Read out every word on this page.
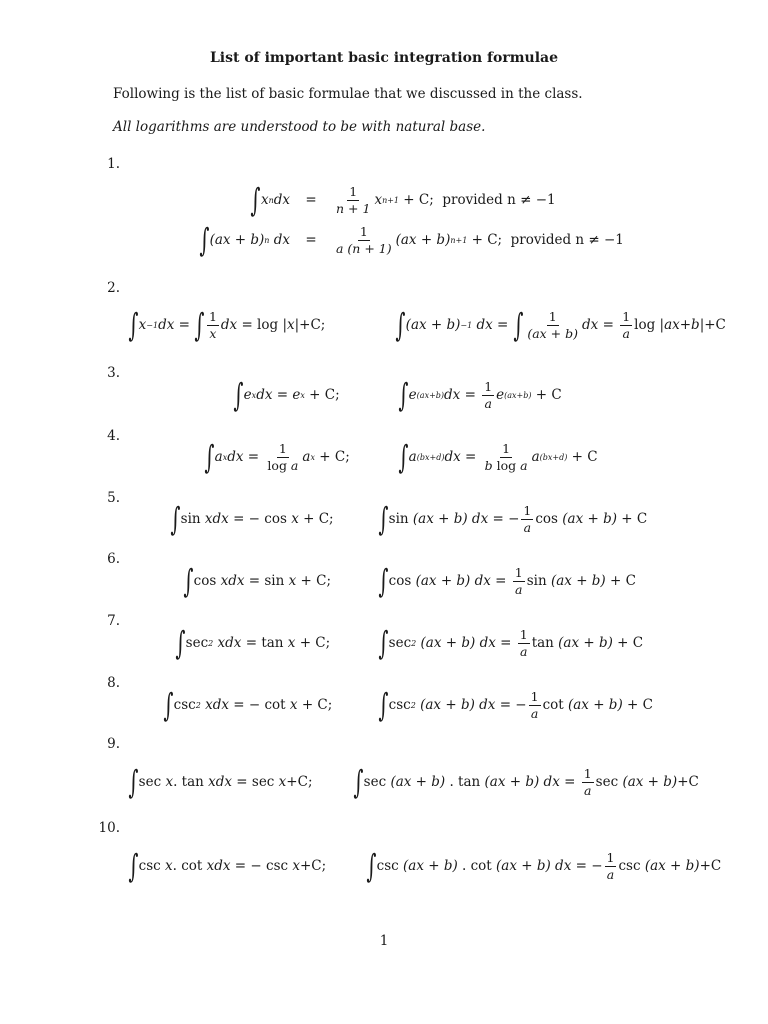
List of important basic integration formulae
Following is the list of basic formulae that we discussed in the class.
All logarithms are understood to be with natural base.
1.
∫ x n dx	=	$\frac{1}{n + 1}$ x n+1 + C; provided n ≠ −1
∫ (ax + b) n dx	=	$\frac{1}{a (n + 1)} (ax + b) n+1 + C$; provided n ≠ −1
2.
∫ x −1 dx = ∫ $\frac{1}{x}$ dx = log |x| +C; ∫ (ax + b) −1 dx = ∫ $\frac{1}{(ax + b)}$ dx = $\frac{1}{a}$ log |ax+b| +C
3.
∫ e x dx = e x + C; ∫ e (ax+b) dx = $\frac{1}{a}$ e (ax+b) + C
4.
∫ a x dx = $\frac{1}{\text{log a}}$ a x + C; ∫ a (bx+d) dx = $\frac{1}{\text{b log a}}$ a (bx+d) + C
5.
∫ sin xdx = − cos x + C; ∫ sin (ax + b) dx = − $\frac{1}{a}$ cos (ax + b) + C
6.
∫ cos xdx = sin x + C; ∫ cos (ax + b) dx = $\frac{1}{a}$ sin (ax + b) + C
7.
∫ sec 2 xdx = tan x + C; ∫ sec 2 (ax + b) dx = $\frac{1}{a}$ tan (ax + b) + C
8.
∫ csc 2 xdx = − cot x + C; ∫ csc 2 (ax + b) dx = − $\frac{1}{a}$ cot (ax + b) + C
9.
∫ sec x . tan xdx = sec x +C; ∫ sec (ax + b) . tan (ax + b) dx = $\frac{1}{a}$ sec (ax + b) +C
10.
∫ csc x . cot xdx = − csc x +C; ∫ csc (ax + b) . cot (ax + b) dx = − $\frac{1}{a}$ csc (ax + b) +C
1
